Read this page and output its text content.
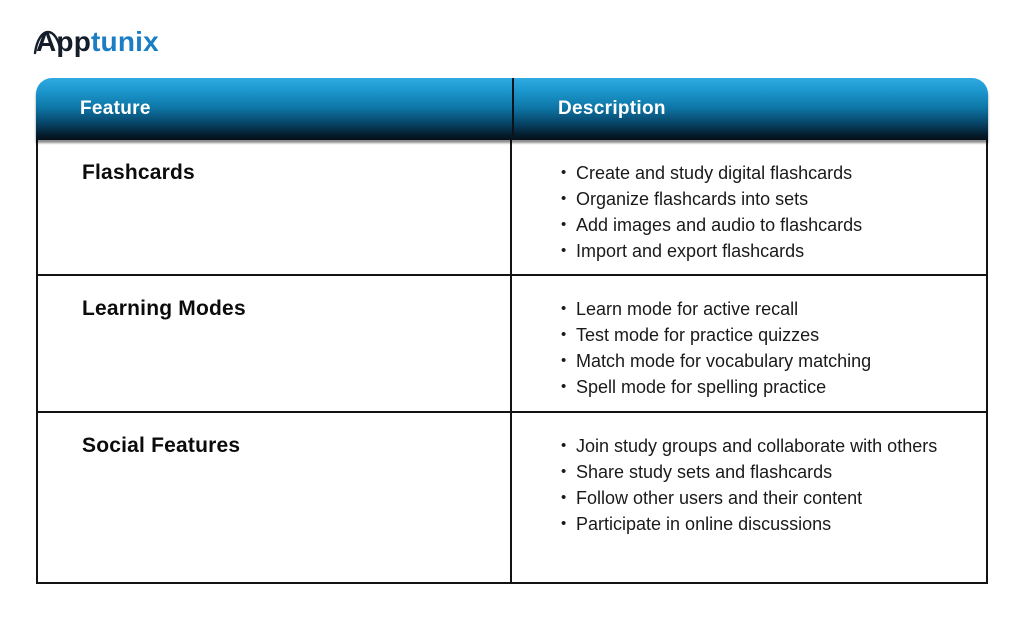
App tunix
Feature	Description
Flashcards	• Create and study digital flashcards
• Organize flashcards into sets
• Add images and audio to flashcards
• Import and export flashcards
Learning Modes	• Learn mode for active recall
• Test mode for practice quizzes
• Match mode for vocabulary matching
• Spell mode for spelling practice
Social Features	• Join study groups and collaborate with others
• Share study sets and flashcards
• Follow other users and their content
• Participate in online discussions
